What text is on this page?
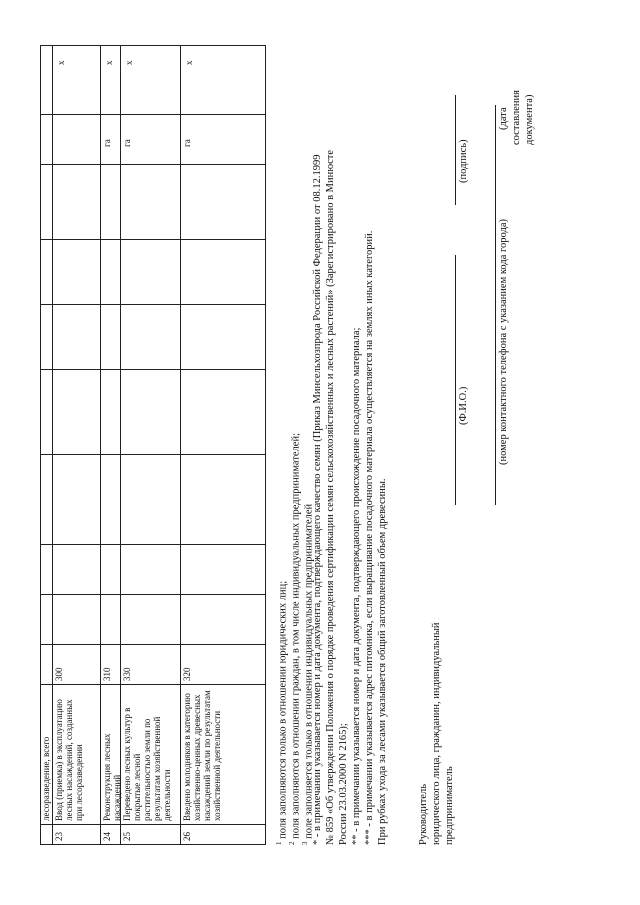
лесоразведение, всего
23
Ввод (приемка) в эксплуатацию лесных насаждений, созданных при лесоразведении
300
x
24
Реконструкция лесных насаждений
310
га
x
25
Переведено лесных культур в покрытые лесной растительностью земли по результатам хозяйственной деятельности
330
га
x
26
Введено молодняков в категорию хозяйственно-ценных древесных насаждений земли по результатам хозяйственной деятельности
320
га
x
$^1$ поля заполняются только в отношении юридических лиц;
$^2$ поля заполняются в отношении граждан, в том числе индивидуальных предпринимателей;
$^3$ поле заполняется только в отношении индивидуальных предпринимателей
* - в примечании указывается номер и дата документа, подтверждающего качество семян (Приказ Минсельхозпрода Российской Федерации от 08.12.1999 № 859 «Об утверждении Положения о порядке проведения сертификации семян сельскохозяйственных и лесных растений» (Зарегистрировано в Минюсте России 23.03.2000 N 2165); ** - в примечании указывается номер и дата документа, подтверждающего происхождение посадочного материала; *** - в примечании указывается адрес питомника, если выращивание посадочного материала осуществляется на землях иных категорий. При рубках ухода за лесами указывается общий заготовленный объем древесины.	Руководитель юридического лица, гражданин, индивидуальный предприниматель
(Ф.И.О.)
(подпись)
(номер контактного телефона с указанием кода города)
(дата составления документа)
